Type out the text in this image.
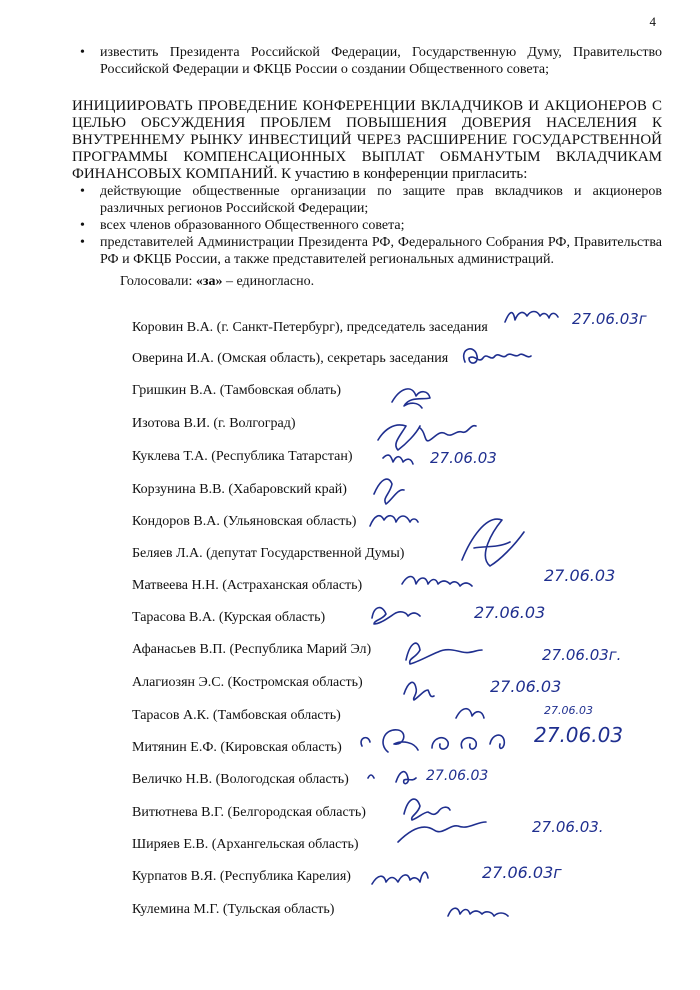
4
• известить Президента Российской Федерации, Государственную Думу, Правительство Российской Федерации и ФКЦБ России о создании Общественного совета;
ИНИЦИИРОВАТЬ ПРОВЕДЕНИЕ КОНФЕРЕНЦИИ ВКЛАДЧИКОВ И АКЦИОНЕРОВ С ЦЕЛЬЮ ОБСУЖДЕНИЯ ПРОБЛЕМ ПОВЫШЕНИЯ ДОВЕРИЯ НАСЕЛЕНИЯ К ВНУТРЕННЕМУ РЫНКУ ИНВЕСТИЦИЙ ЧЕРЕЗ РАСШИРЕНИЕ ГОСУДАРСТВЕННОЙ ПРОГРАММЫ КОМПЕНСАЦИОННЫХ ВЫПЛАТ ОБМАНУТЫМ ВКЛАДЧИКАМ ФИНАНСОВЫХ КОМПАНИЙ. К участию в конференции пригласить:
• действующие общественные организации по защите прав вкладчиков и акционеров различных регионов Российской Федерации;
• всех членов образованного Общественного совета;
• представителей Администрации Президента РФ, Федерального Собрания РФ, Правительства РФ и ФКЦБ России, а также представителей региональных администраций.
Голосовали: «за» – единогласно.
Коровин В.А. (г. Санкт-Петербург), председатель заседания
Оверина И.А. (Омская область), секретарь заседания
Гришкин В.А. (Тамбовская облать)
Изотова В.И. (г. Волгоград)
Куклева Т.А. (Республика Татарстан)
Корзунина В.В. (Хабаровский край)
Кондоров В.А. (Ульяновская область)
Беляев Л.А. (депутат Государственной Думы)
Матвеева Н.Н. (Астраханская область)
Тарасова В.А. (Курская область)
Афанасьев В.П. (Республика Марий Эл)
Алагиозян Э.С. (Костромская область)
Тарасов А.К. (Тамбовская область)
Митянин Е.Ф. (Кировская область)
Величко Н.В. (Вологодская область)
Витютнева В.Г. (Белгородская область)
Ширяев Е.В. (Архангельская область)
Курпатов В.Я. (Республика Карелия)
Кулемина М.Г. (Тульская область)
27.06.03г
27.06.03
27.06.03
27.06.03
27.06.03г.
27.06.03
27.06.03
27.06.03
27.06.03
27.06.03.
27.06.03г
